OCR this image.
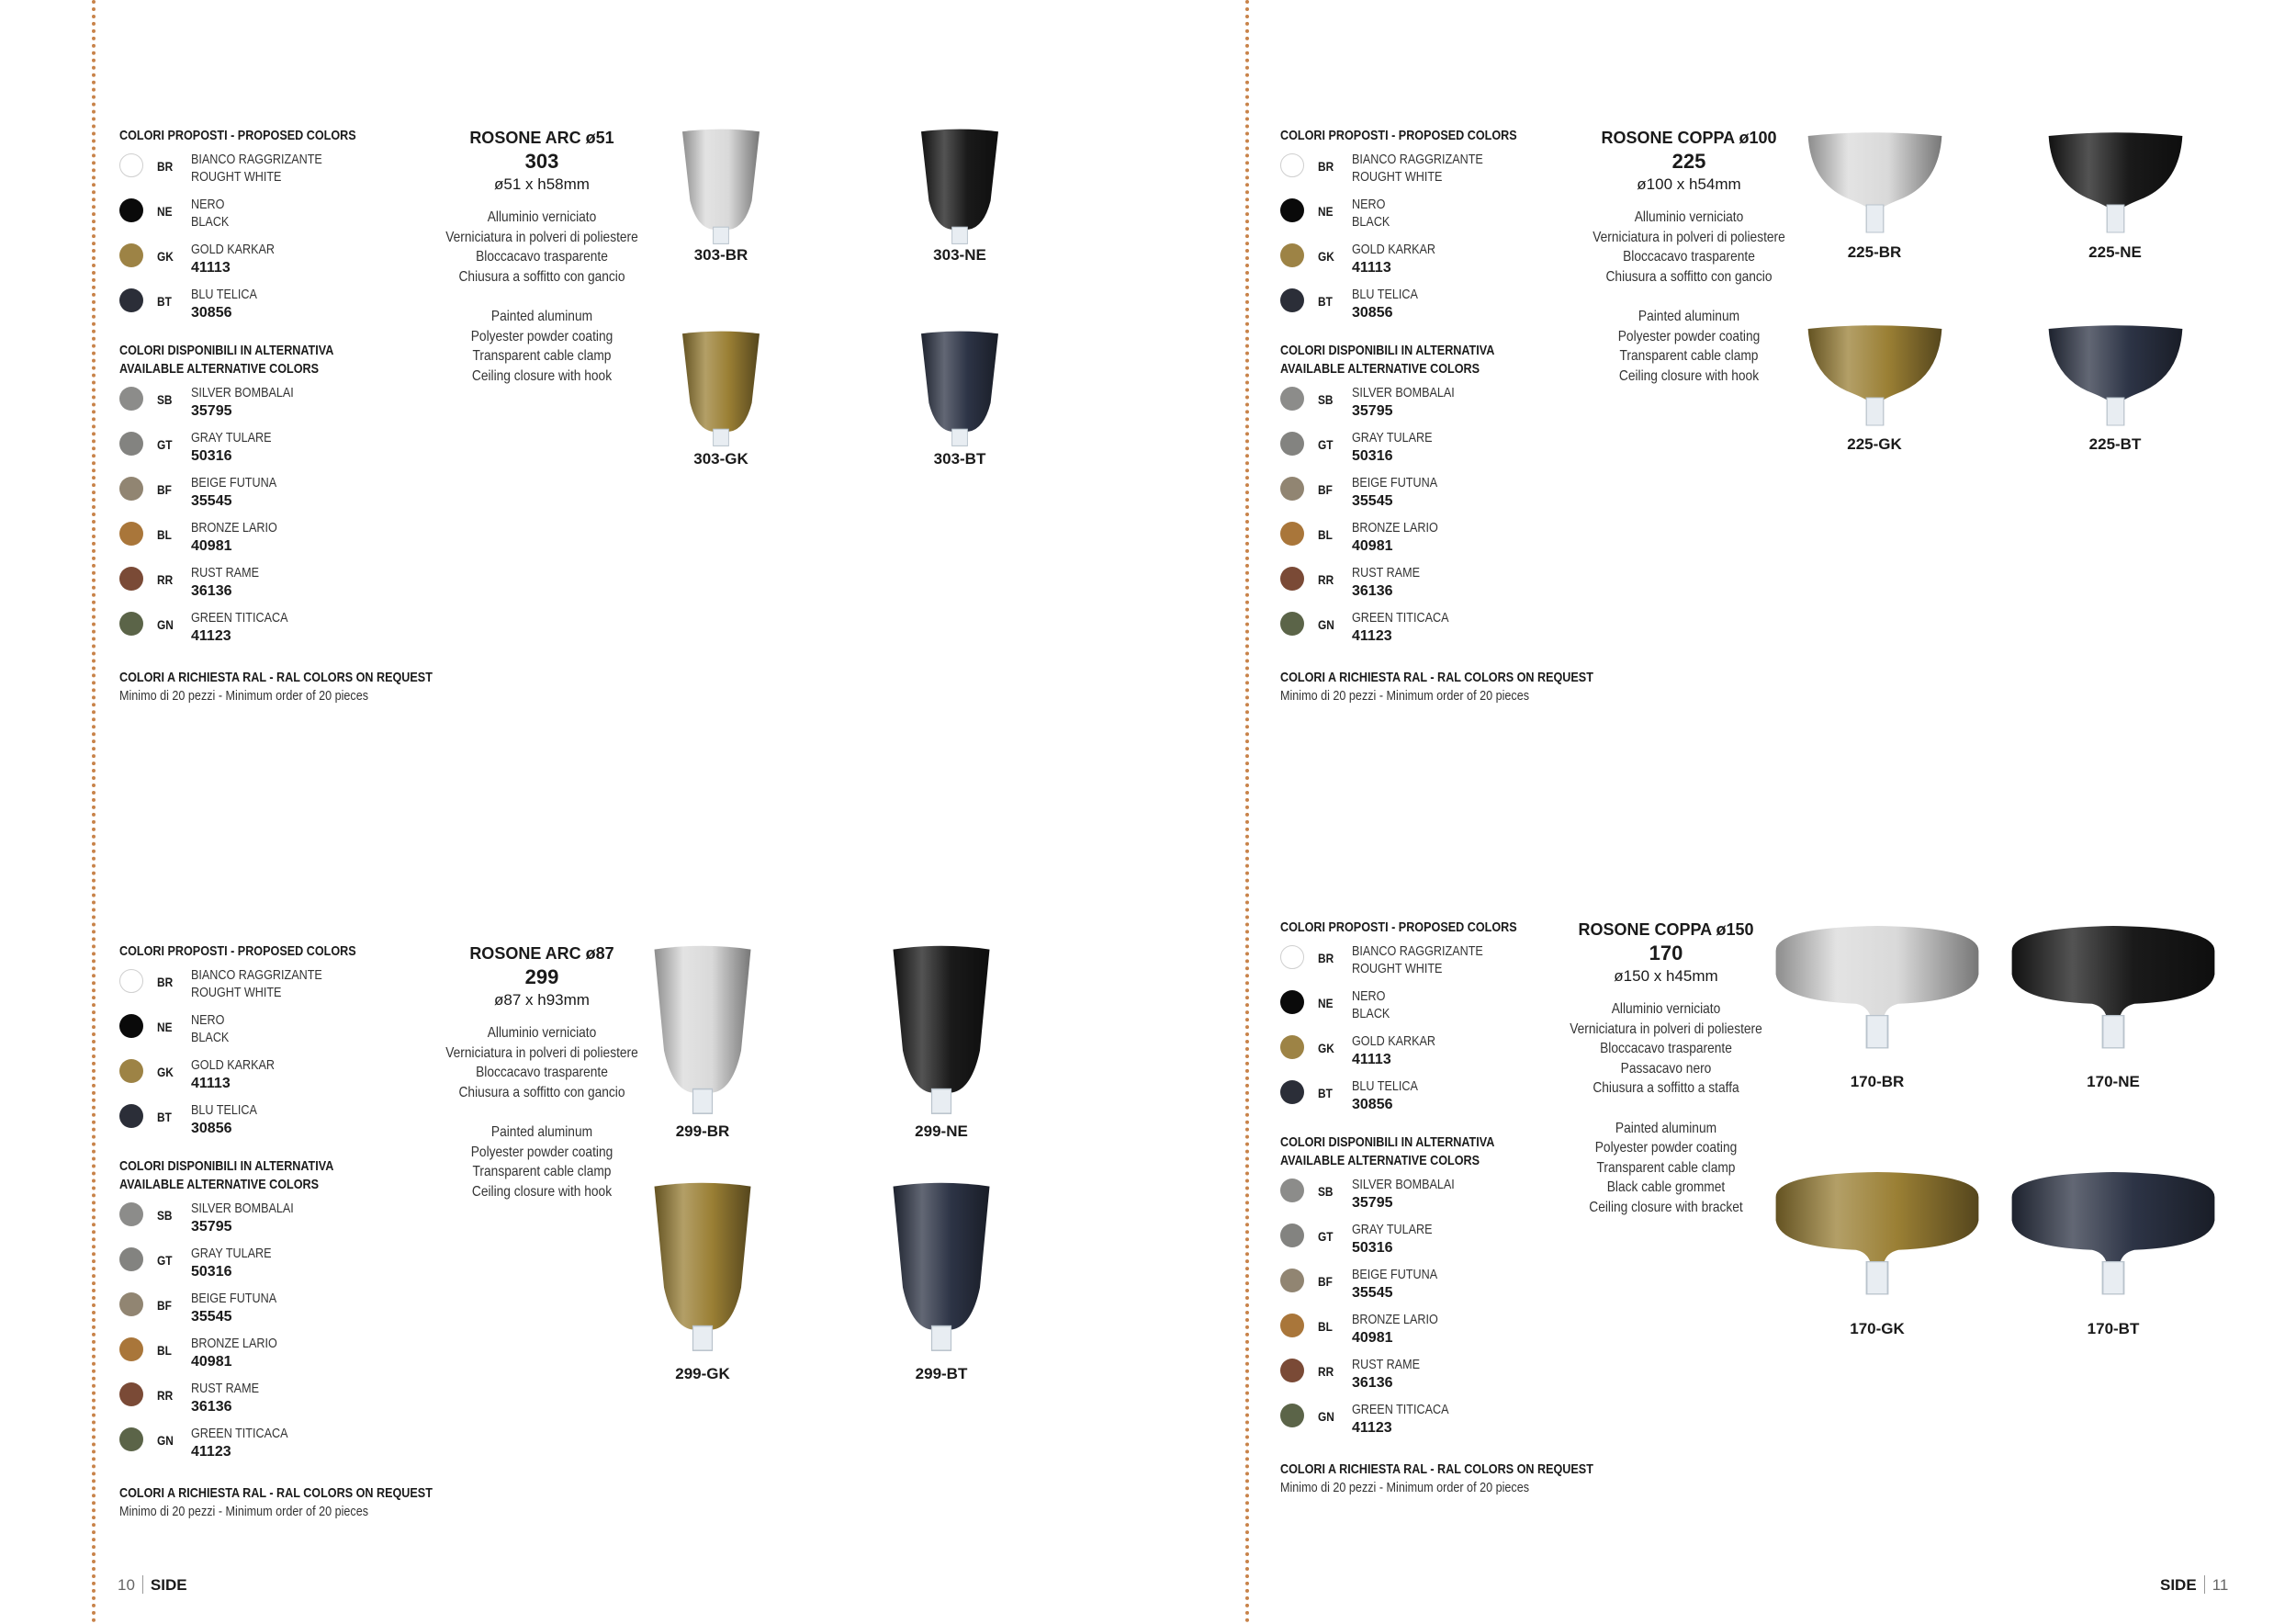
COLORI PROPOSTI - PROPOSED COLORS
BR BIANCO RAGGRIZANTE
ROUGHT WHITE
NE NERO
BLACK
GK GOLD KARKAR
41113
BT BLU TELICA
30856
COLORI DISPONIBILI IN ALTERNATIVA
AVAILABLE ALTERNATIVE COLORS
SB SILVER BOMBALAI
35795
GT GRAY TULARE
50316
BF BEIGE FUTUNA
35545
BL BRONZE LARIO
40981
RR RUST RAME
36136
GN GREEN TITICACA
41123
COLORI A RICHIESTA RAL - RAL COLORS ON REQUEST
Minimo di 20 pezzi - Minimum order of 20 pieces
ROSONE ARC ø51
303
ø51 x h58mm
Alluminio verniciato
Verniciatura in polveri di poliestere
Bloccacavo trasparente
Chiusura a soffitto con gancio
Painted aluminum
Polyester powder coating
Transparent cable clamp
Ceiling closure with hook
303-BR	303-NE
303-GK	303-BT
COLORI PROPOSTI - PROPOSED COLORS
BR BIANCO RAGGRIZANTE
ROUGHT WHITE
NE NERO
BLACK
GK GOLD KARKAR
41113
BT BLU TELICA
30856
COLORI DISPONIBILI IN ALTERNATIVA
AVAILABLE ALTERNATIVE COLORS
SB SILVER BOMBALAI
35795
GT GRAY TULARE
50316
BF BEIGE FUTUNA
35545
BL BRONZE LARIO
40981
RR RUST RAME
36136
GN GREEN TITICACA
41123
COLORI A RICHIESTA RAL - RAL COLORS ON REQUEST
Minimo di 20 pezzi - Minimum order of 20 pieces
ROSONE COPPA ø100
225
ø100 x h54mm
Alluminio verniciato
Verniciatura in polveri di poliestere
Bloccacavo trasparente
Chiusura a soffitto con gancio
Painted aluminum
Polyester powder coating
Transparent cable clamp
Ceiling closure with hook
225-BR	225-NE
225-GK	225-BT
COLORI PROPOSTI - PROPOSED COLORS
BR BIANCO RAGGRIZANTE
ROUGHT WHITE
NE NERO
BLACK
GK GOLD KARKAR
41113
BT BLU TELICA
30856
COLORI DISPONIBILI IN ALTERNATIVA
AVAILABLE ALTERNATIVE COLORS
SB SILVER BOMBALAI
35795
GT GRAY TULARE
50316
BF BEIGE FUTUNA
35545
BL BRONZE LARIO
40981
RR RUST RAME
36136
GN GREEN TITICACA
41123
COLORI A RICHIESTA RAL - RAL COLORS ON REQUEST
Minimo di 20 pezzi - Minimum order of 20 pieces
ROSONE ARC ø87
299
ø87 x h93mm
Alluminio verniciato
Verniciatura in polveri di poliestere
Bloccacavo trasparente
Chiusura a soffitto con gancio
Painted aluminum
Polyester powder coating
Transparent cable clamp
Ceiling closure with hook
299-BR	299-NE
299-GK	299-BT
COLORI PROPOSTI - PROPOSED COLORS
BR BIANCO RAGGRIZANTE
ROUGHT WHITE
NE NERO
BLACK
GK GOLD KARKAR
41113
BT BLU TELICA
30856
COLORI DISPONIBILI IN ALTERNATIVA
AVAILABLE ALTERNATIVE COLORS
SB SILVER BOMBALAI
35795
GT GRAY TULARE
50316
BF BEIGE FUTUNA
35545
BL BRONZE LARIO
40981
RR RUST RAME
36136
GN GREEN TITICACA
41123
COLORI A RICHIESTA RAL - RAL COLORS ON REQUEST
Minimo di 20 pezzi - Minimum order of 20 pieces
ROSONE COPPA ø150
170
ø150 x h45mm
Alluminio verniciato
Verniciatura in polveri di poliestere
Bloccacavo trasparente
Passacavo nero
Chiusura a soffitto a staffa
Painted aluminum
Polyester powder coating
Transparent cable clamp
Black cable grommet
Ceiling closure with bracket
170-BR	170-NE
170-GK	170-BT
10 SIDE	SIDE 11
